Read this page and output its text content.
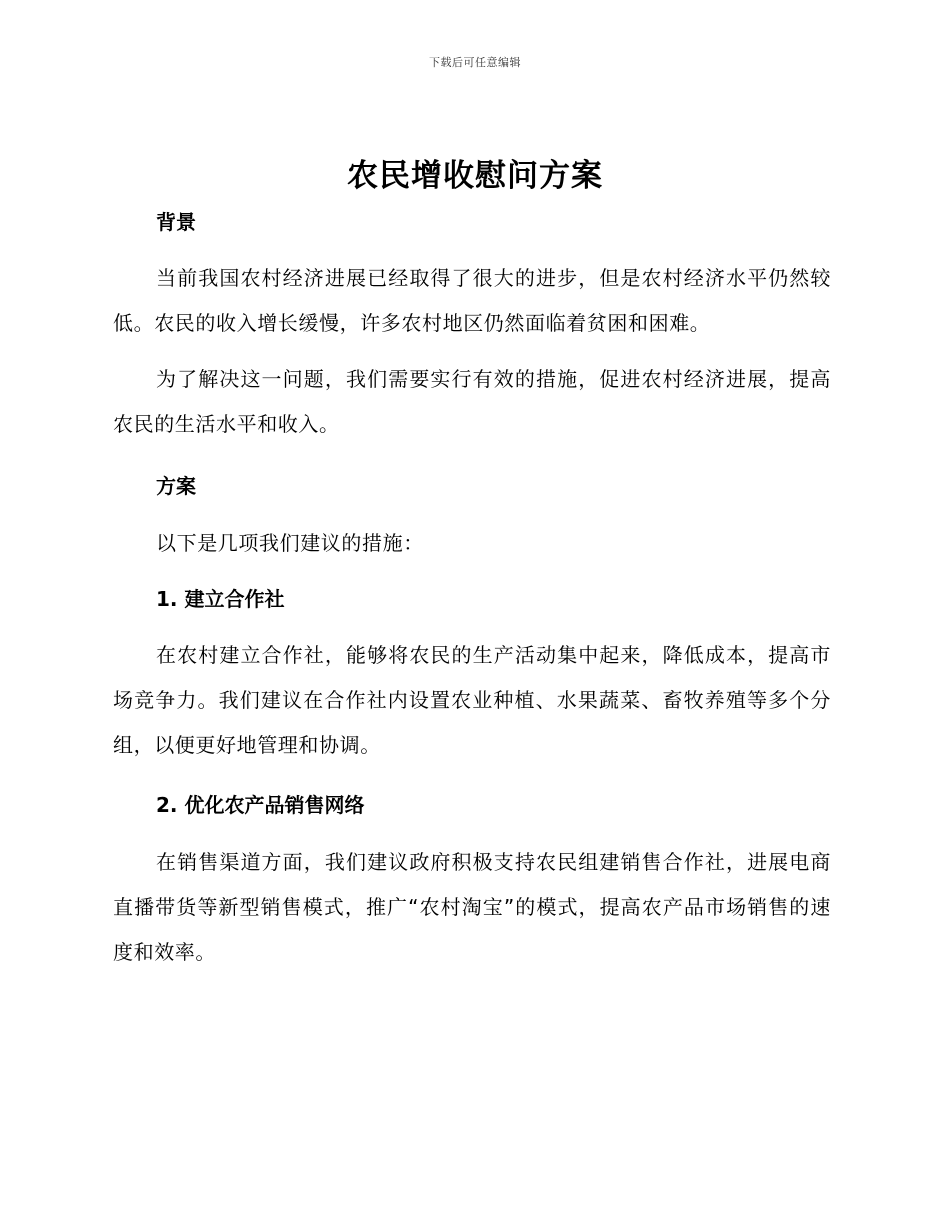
下载后可任意编辑
农民增收慰问方案
背景

当前我国农村经济进展已经取得了很大的进步，但是农村经济水平仍然较低。农民的收入增长缓慢，许多农村地区仍然面临着贫困和困难。

为了解决这一问题，我们需要实行有效的措施，促进农村经济进展，提高农民的生活水平和收入。

方案

以下是几项我们建议的措施：

1. 建立合作社

在农村建立合作社，能够将农民的生产活动集中起来，降低成本，提高市场竞争力。我们建议在合作社内设置农业种植、水果蔬菜、畜牧养殖等多个分组，以便更好地管理和协调。

2. 优化农产品销售网络

在销售渠道方面，我们建议政府积极支持农民组建销售合作社，进展电商直播带货等新型销售模式，推广“农村淘宝”的模式，提高农产品市场销售的速度和效率。
